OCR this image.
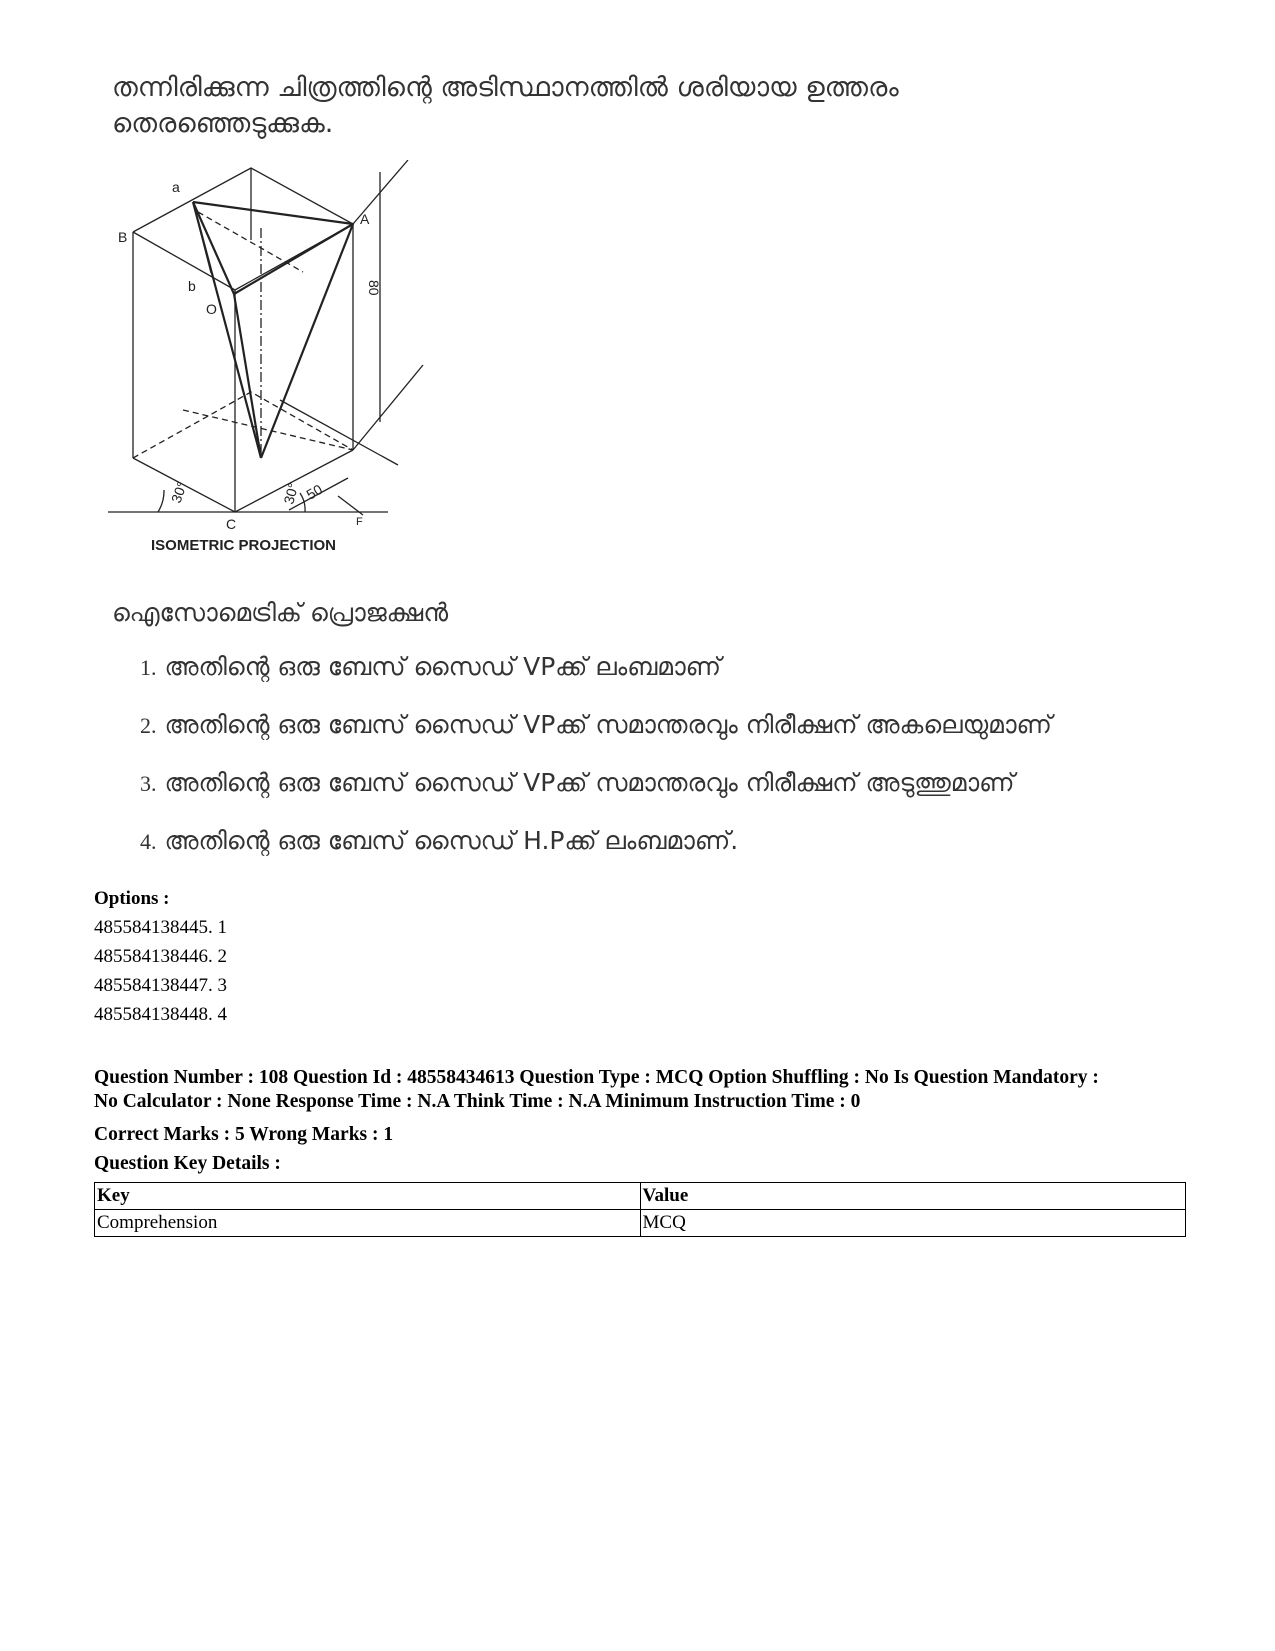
തന്നിരിക്കുന്ന ചിത്രത്തിന്റെ അടിസ്ഥാനത്തിൽ ശരിയായ ഉത്തരം
തെരഞ്ഞെടുക്കുക.
a
B
A
b
O
C	F
80
30°	30° 50
ISOMETRIC PROJECTION
ഐസോമെട്രിക് പ്രൊജക്ഷൻ
1. അതിന്റെ ഒരു ബേസ് സൈഡ് VPക്ക് ലംബമാണ്
2. അതിന്റെ ഒരു ബേസ് സൈഡ് VPക്ക് സമാന്തരവും നിരീക്ഷന് അകലെയുമാണ്
3. അതിന്റെ ഒരു ബേസ് സൈഡ് VPക്ക് സമാന്തരവും നിരീക്ഷന് അടുത്തുമാണ്
4. അതിന്റെ ഒരു ബേസ് സൈഡ് H.Pക്ക് ലംബമാണ്.
Options :
485584138445. 1
485584138446. 2
485584138447. 3
485584138448. 4
Question Number : 108 Question Id : 48558434613 Question Type : MCQ Option Shuffling : No Is Question Mandatory :
No Calculator : None Response Time : N.A Think Time : N.A Minimum Instruction Time : 0
Correct Marks : 5 Wrong Marks : 1
Question Key Details :
Key	Value
Comprehension	MCQ
